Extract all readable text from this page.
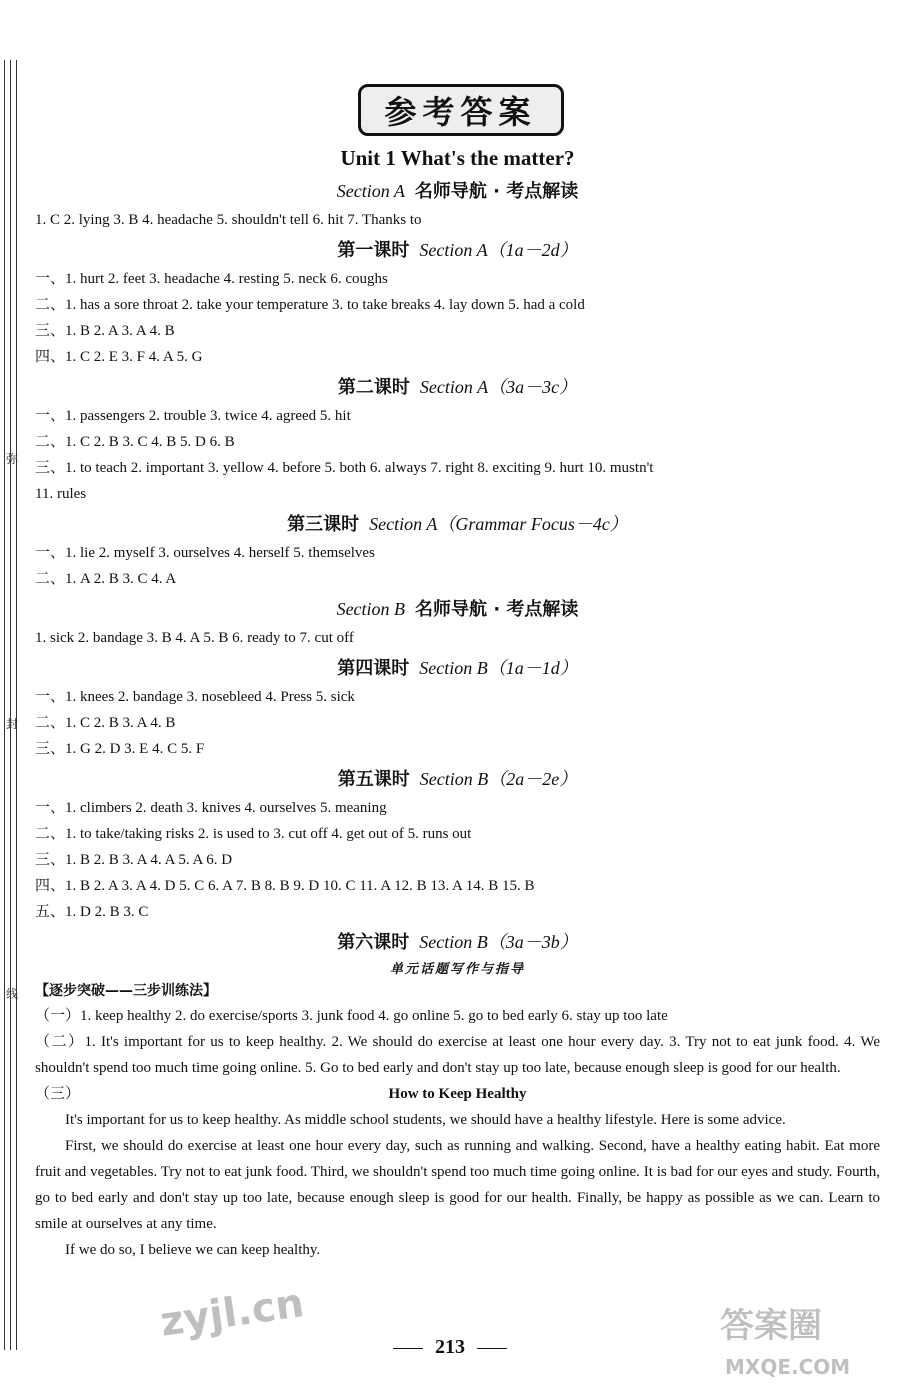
弥
封
线
参考答案
Unit 1 What's the matter?
Section A 名师导航 · 考点解读
1. C 2. lying 3. B 4. headache 5. shouldn't tell 6. hit 7. Thanks to
第一课时 Section A（1a－2d）
一、1. hurt 2. feet 3. headache 4. resting 5. neck 6. coughs
二、1. has a sore throat 2. take your temperature 3. to take breaks 4. lay down 5. had a cold
三、1. B 2. A 3. A 4. B
四、1. C 2. E 3. F 4. A 5. G
第二课时 Section A（3a－3c）
一、1. passengers 2. trouble 3. twice 4. agreed 5. hit
二、1. C 2. B 3. C 4. B 5. D 6. B
三、1. to teach 2. important 3. yellow 4. before 5. both 6. always 7. right 8. exciting 9. hurt 10. mustn't
11. rules
第三课时 Section A（Grammar Focus－4c）
一、1. lie 2. myself 3. ourselves 4. herself 5. themselves
二、1. A 2. B 3. C 4. A
Section B 名师导航 · 考点解读
1. sick 2. bandage 3. B 4. A 5. B 6. ready to 7. cut off
第四课时 Section B（1a－1d）
一、1. knees 2. bandage 3. nosebleed 4. Press 5. sick
二、1. C 2. B 3. A 4. B
三、1. G 2. D 3. E 4. C 5. F
第五课时 Section B（2a－2e）
一、1. climbers 2. death 3. knives 4. ourselves 5. meaning
二、1. to take/taking risks 2. is used to 3. cut off 4. get out of 5. runs out
三、1. B 2. B 3. A 4. A 5. A 6. D
四、1. B 2. A 3. A 4. D 5. C 6. A 7. B 8. B 9. D 10. C 11. A 12. B 13. A 14. B 15. B
五、1. D 2. B 3. C
第六课时 Section B（3a－3b）
单元话题写作与指导
【逐步突破——三步训练法】
（一）1. keep healthy 2. do exercise/sports 3. junk food 4. go online 5. go to bed early 6. stay up too late
（二）1. It's important for us to keep healthy. 2. We should do exercise at least one hour every day. 3. Try not to eat junk food. 4. We shouldn't spend too much time going online. 5. Go to bed early and don't stay up too late, because enough sleep is good for our health.
（三）	How to Keep Healthy
It's important for us to keep healthy. As middle school students, we should have a healthy lifestyle. Here is some advice.
First, we should do exercise at least one hour every day, such as running and walking. Second, have a healthy eating habit. Eat more fruit and vegetables. Try not to eat junk food. Third, we shouldn't spend too much time going online. It is bad for our eyes and study. Fourth, go to bed early and don't stay up too late, because enough sleep is good for our health. Finally, be happy as possible as we can. Learn to smile at ourselves at any time.
If we do so, I believe we can keep healthy.
213
zyjl.cn	答案圈
MXQE.COM
